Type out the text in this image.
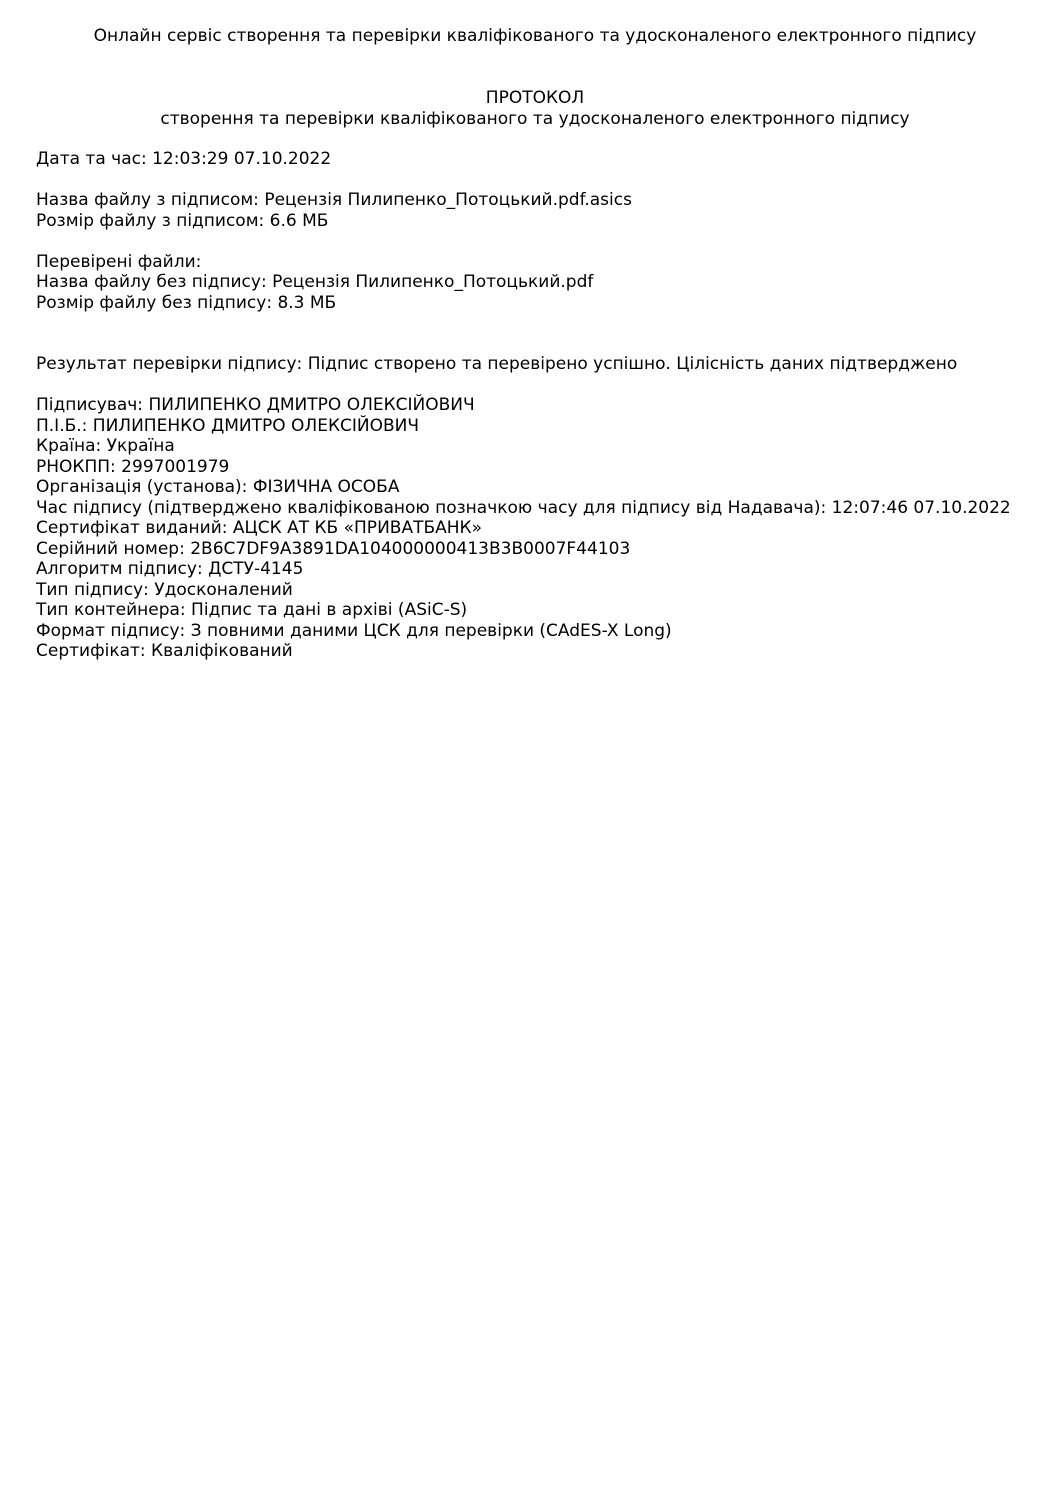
Онлайн сервіс створення та перевірки кваліфікованого та удосконаленого електронного підпису
ПРОТОКОЛ
створення та перевірки кваліфікованого та удосконаленого електронного підпису
Дата та час: 12:03:29 07.10.2022
Назва файлу з підписом: Рецензія Пилипенко_Потоцький.pdf.asics
Розмір файлу з підписом: 6.6 МБ
Перевірені файли:
Назва файлу без підпису: Рецензія Пилипенко_Потоцький.pdf
Розмір файлу без підпису: 8.3 МБ
Результат перевірки підпису: Підпис створено та перевірено успішно. Цілісність даних підтверджено
Підписувач: ПИЛИПЕНКО ДМИТРО ОЛЕКСІЙОВИЧ
П.І.Б.: ПИЛИПЕНКО ДМИТРО ОЛЕКСІЙОВИЧ
Країна: Україна
РНОКПП: 2997001979
Організація (установа): ФІЗИЧНА ОСОБА
Час підпису (підтверджено кваліфікованою позначкою часу для підпису від Надавача): 12:07:46 07.10.2022
Сертифікат виданий: АЦСК АТ КБ «ПРИВАТБАНК»
Серійний номер: 2B6C7DF9A3891DA104000000413B3B0007F44103
Алгоритм підпису: ДСТУ-4145
Тип підпису: Удосконалений
Тип контейнера: Підпис та дані в архіві (ASiC-S)
Формат підпису: З повними даними ЦСК для перевірки (CAdES-X Long)
Сертифікат: Кваліфікований
